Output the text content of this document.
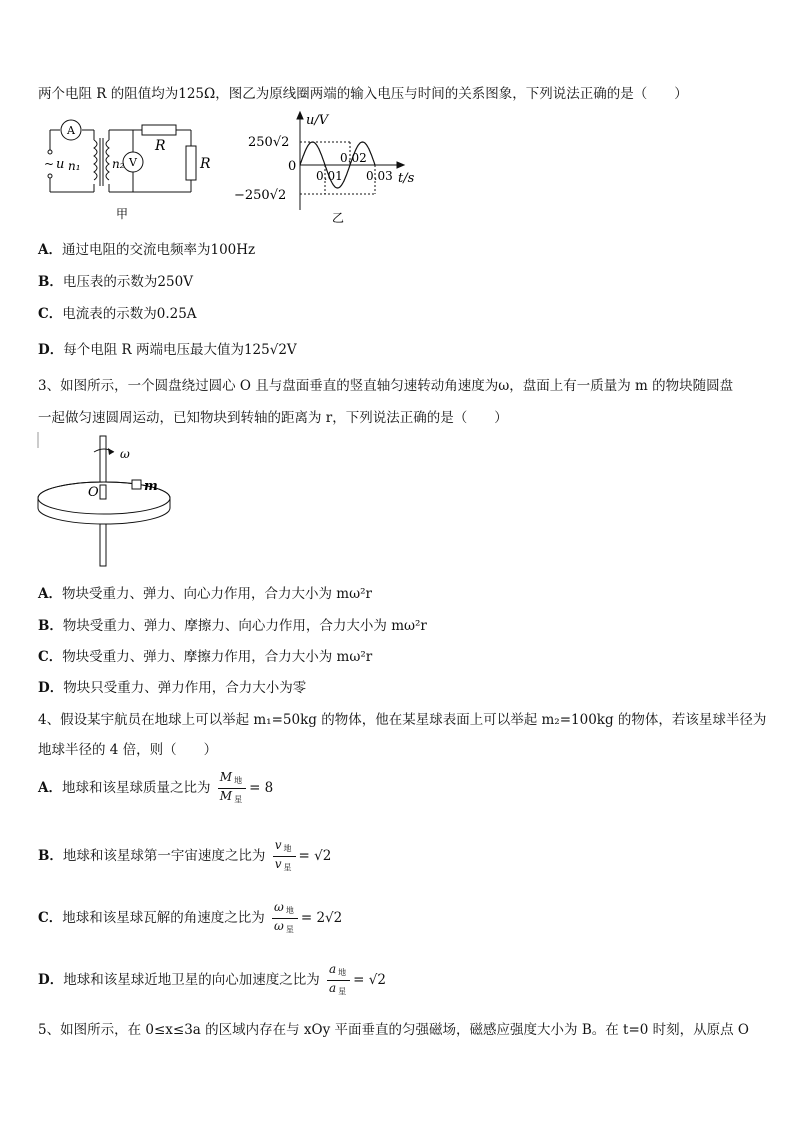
两个电阻 R 的阻值均为125Ω，图乙为原线圈两端的输入电压与时间的关系图象，下列说法正确的是（　　）
A
V
~ u n₁	n₂
R
R
甲
250√2
0
−250√2
u/V
0.01
0.02
0.03 t/s
乙
A．通过电阻的交流电频率为100Hz
B．电压表的示数为250V
C．电流表的示数为0.25A
D．每个电阻 R 两端电压最大值为125√2V
3、如图所示，一个圆盘绕过圆心 O 且与盘面垂直的竖直轴匀速转动角速度为ω，盘面上有一质量为 m 的物块随圆盘
一起做匀速圆周运动，已知物块到转轴的距离为 r，下列说法正确的是（　　）
ω
O	m
A．物块受重力、弹力、向心力作用，合力大小为 mω²r
B．物块受重力、弹力、摩擦力、向心力作用，合力大小为 mω²r
C．物块受重力、弹力、摩擦力作用，合力大小为 mω²r
D．物块只受重力、弹力作用，合力大小为零
4、假设某宇航员在地球上可以举起 m₁=50kg 的物体，他在某星球表面上可以举起 m₂=100kg 的物体，若该星球半径为
地球半径的 4 倍，则（　　）
A．地球和该星球质量之比为 $\frac{M _地}{M _星} = 8$
B．地球和该星球第一宇宙速度之比为 $\frac{v _地}{v _星} = √2$
C．地球和该星球瓦解的角速度之比为 $\frac{\omega _地}{\omega _星} = 2√2$
D．地球和该星球近地卫星的向心加速度之比为 $\frac{a _地}{a _星} = √2$
5、如图所示，在 0≤x≤3a 的区域内存在与 xOy 平面垂直的匀强磁场，磁感应强度大小为 B。在 t=0 时刻，从原点 O
